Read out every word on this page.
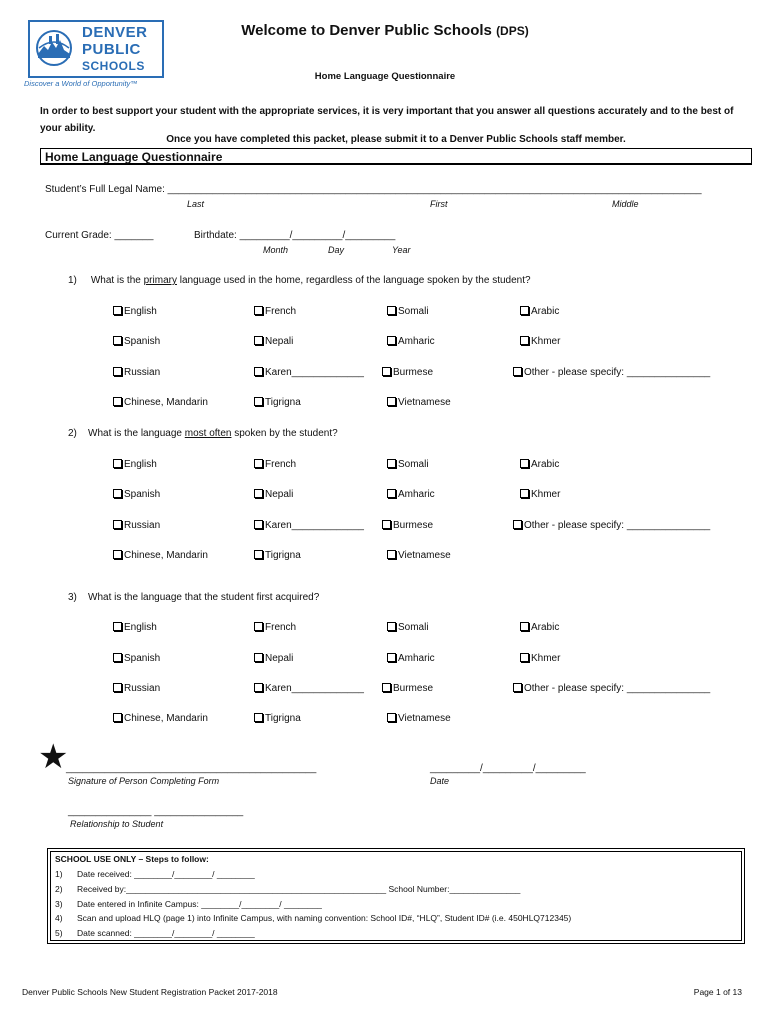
DENVER
PUBLIC
SCHOOLS
Discover a World of Opportunity™
Welcome to Denver Public Schools (DPS)
Home Language Questionnaire
In order to best support your student with the appropriate services, it is very important that you answer all questions accurately and to the best of your ability.
Once you have completed this packet, please submit it to a Denver Public Schools staff member.
Home Language Questionnaire
Student’s Full Legal Name: ________________________________________________________________________________________________
Last	First	Middle
Current Grade: _______	Birthdate: _________/_________/_________
Month	Day	Year
1) What is the primary language used in the home, regardless of the language spoken by the student?
English	French	Somali	Arabic
Spanish	Nepali	Amharic	Khmer
Russian	Karen_____________	Burmese	Other - please specify: _______________
Chinese, Mandarin	Tigrigna	Vietnamese
2) What is the language most often spoken by the student?
English	French	Somali	Arabic
Spanish	Nepali	Amharic	Khmer
Russian	Karen_____________	Burmese	Other - please specify: _______________
Chinese, Mandarin	Tigrigna	Vietnamese
3) What is the language that the student first acquired?
English	French	Somali	Arabic
Spanish	Nepali	Amharic	Khmer
Russian	Karen_____________	Burmese	Other - please specify: _______________
Chinese, Mandarin	Tigrigna	Vietnamese
★
_____________________________________________
Signature of Person Completing Form
_________/_________/_________
Date
_______________ ________________
Relationship to Student
SCHOOL USE ONLY – Steps to follow:
1) Date received: ________/________/ ________
2) Received by:_______________________________________________________ School Number:_______________
3) Date entered in Infinite Campus: ________/________/ ________
4) Scan and upload HLQ (page 1) into Infinite Campus, with naming convention: School ID#, “HLQ”, Student ID# (i.e. 450HLQ712345)
5) Date scanned: ________/________/ ________
Denver Public Schools New Student Registration Packet 2017-2018	Page 1 of 13
